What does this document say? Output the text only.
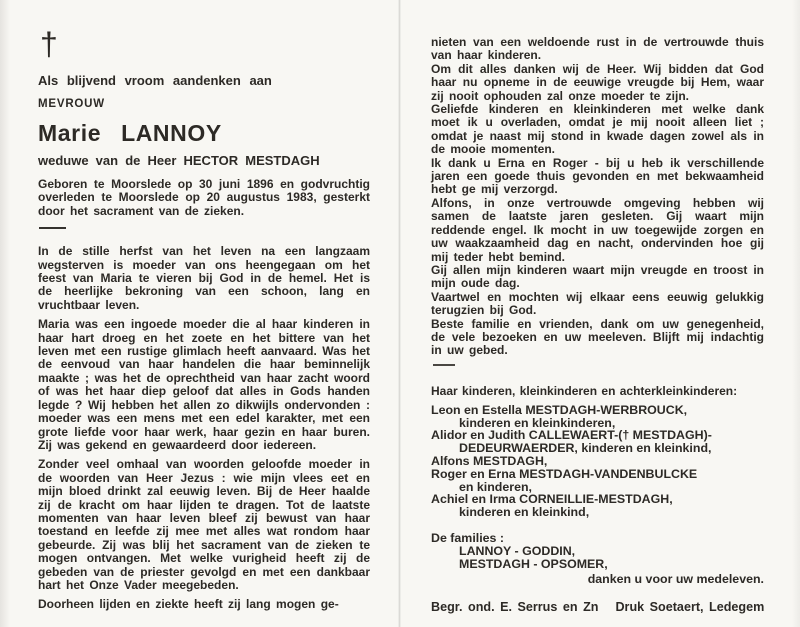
†
Als blijvend vroom aandenken aan
MEVROUW
Marie LANNOY
weduwe van de Heer HECTOR MESTDAGH

Geboren te Moorslede op 30 juni 1896 en godvruchtig overleden te Moorslede op 20 augustus 1983, gesterkt door het sacrament van de zieken.

In de stille herfst van het leven na een langzaam wegsterven is moeder van ons heengegaan om het feest van Maria te vieren bij God in de hemel. Het is de heerlijke bekroning van een schoon, lang en vruchtbaar leven.

Maria was een ingoede moeder die al haar kinderen in haar hart droeg en het zoete en het bittere van het leven met een rustige glimlach heeft aanvaard. Was het de eenvoud van haar handelen die haar beminnelijk maakte ; was het de oprechtheid van haar zacht woord of was het haar diep geloof dat alles in Gods handen legde ? Wij hebben het allen zo dikwijls ondervonden : moeder was een mens met een edel karakter, met een grote liefde voor haar werk, haar gezin en haar buren. Zij was gekend en gewaardeerd door iedereen.

Zonder veel omhaal van woorden geloofde moeder in de woorden van Heer Jezus : wie mijn vlees eet en mijn bloed drinkt zal eeuwig leven. Bij de Heer haalde zij de kracht om haar lijden te dragen. Tot de laatste momenten van haar leven bleef zij bewust van haar toestand en leefde zij mee met alles wat rondom haar gebeurde. Zij was blij het sacrament van de zieken te mogen ontvangen. Met welke vurigheid heeft zij de gebeden van de priester gevolgd en met een dankbaar hart het Onze Vader meegebeden.

Doorheen lijden en ziekte heeft zij lang mogen ge-

nieten van een weldoende rust in de vertrouwde thuis van haar kinderen.

Om dit alles danken wij de Heer. Wij bidden dat God haar nu opneme in de eeuwige vreugde bij Hem, waar zij nooit ophouden zal onze moeder te zijn.

Geliefde kinderen en kleinkinderen met welke dank moet ik u overladen, omdat je mij nooit alleen liet ; omdat je naast mij stond in kwade dagen zowel als in de mooie momenten.

Ik dank u Erna en Roger - bij u heb ik verschillende jaren een goede thuis gevonden en met bekwaamheid hebt ge mij verzorgd.

Alfons, in onze vertrouwde omgeving hebben wij samen de laatste jaren gesleten. Gij waart mijn reddende engel. Ik mocht in uw toegewijde zorgen en uw waakzaamheid dag en nacht, ondervinden hoe gij mij teder hebt bemind.

Gij allen mijn kinderen waart mijn vreugde en troost in mijn oude dag.

Vaartwel en mochten wij elkaar eens eeuwig gelukkig terugzien bij God.

Beste familie en vrienden, dank om uw genegenheid, de vele bezoeken en uw meeleven. Blijft mij indachtig in uw gebed.

Haar kinderen, kleinkinderen en achterkleinkinderen:
Leon en Estella MESTDAGH-WERBROUCK,
kinderen en kleinkinderen,
Alidor en Judith CALLEWAERT-(† MESTDAGH)-
DEDEURWAERDER, kinderen en kleinkind,
Alfons MESTDAGH,
Roger en Erna MESTDAGH-VANDENBULCKE
en kinderen,
Achiel en Irma CORNEILLIE-MESTDAGH,
kinderen en kleinkind,
De families :
LANNOY - GODDIN,
MESTDAGH - OPSOMER,
danken u voor uw medeleven.
Begr. ond. E. Serrus en Zn Druk Soetaert, Ledegem
